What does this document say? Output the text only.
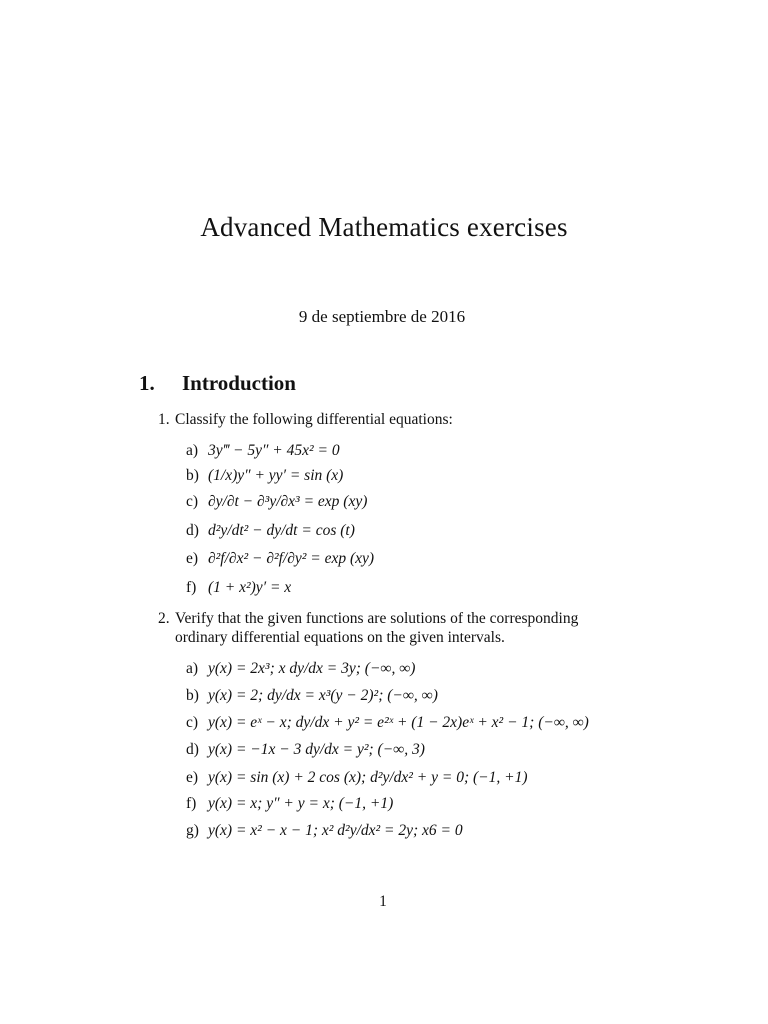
Advanced Mathematics exercises
9 de septiembre de 2016
1. Introduction
1. Classify the following differential equations:
a) 3y‴ − 5y″ + 45x² = 0
b) (1/x)y″ + yy′ = sin (x)
c) ∂y/∂t − ∂³y/∂x³ = exp (xy)
d) d²y/dt² − dy/dt = cos (t)
e) ∂²f/∂x² − ∂²f/∂y² = exp (xy)
f) (1 + x²)y′ = x
2. Verify that the given functions are solutions of the corresponding ordinary differential equations on the given intervals.
a) y(x) = 2x³; x dy/dx = 3y; (−∞, ∞)
b) y(x) = 2; dy/dx = x³(y − 2)²; (−∞, ∞)
c) y(x) = eˣ − x; dy/dx + y² = e²ˣ + (1 − 2x)eˣ + x² − 1; (−∞, ∞)
d) y(x) = −1x − 3 dy/dx = y²; (−∞, 3)
e) y(x) = sin (x) + 2 cos (x); d²y/dx² + y = 0; (−1, +1)
f) y(x) = x; y″ + y = x; (−1, +1)
g) y(x) = x² − x − 1; x² d²y/dx² = 2y; x6 = 0
1
